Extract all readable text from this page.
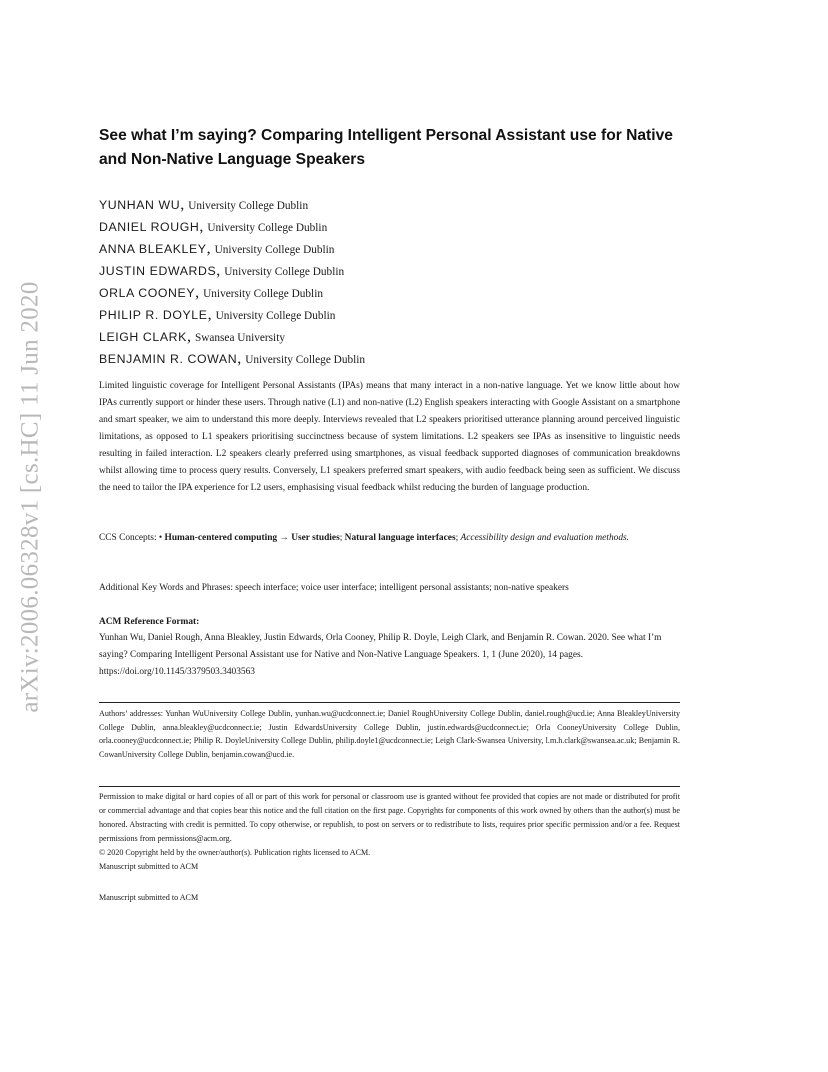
arXiv:2006.06328v1 [cs.HC] 11 Jun 2020
See what I’m saying? Comparing Intelligent Personal Assistant use for Native and Non-Native Language Speakers
YUNHAN WU, University College Dublin
DANIEL ROUGH, University College Dublin
ANNA BLEAKLEY, University College Dublin
JUSTIN EDWARDS, University College Dublin
ORLA COONEY, University College Dublin
PHILIP R. DOYLE, University College Dublin
LEIGH CLARK, Swansea University
BENJAMIN R. COWAN, University College Dublin

Limited linguistic coverage for Intelligent Personal Assistants (IPAs) means that many interact in a non-native language. Yet we know little about how IPAs currently support or hinder these users. Through native (L1) and non-native (L2) English speakers interacting with Google Assistant on a smartphone and smart speaker, we aim to understand this more deeply. Interviews revealed that L2 speakers prioritised utterance planning around perceived linguistic limitations, as opposed to L1 speakers prioritising succinctness because of system limitations. L2 speakers see IPAs as insensitive to linguistic needs resulting in failed interaction. L2 speakers clearly preferred using smartphones, as visual feedback supported diagnoses of communication breakdowns whilst allowing time to process query results. Conversely, L1 speakers preferred smart speakers, with audio feedback being seen as sufficient. We discuss the need to tailor the IPA experience for L2 users, emphasising visual feedback whilst reducing the burden of language production.

CCS Concepts: • Human-centered computing → User studies; Natural language interfaces; Accessibility design and evaluation methods.

Additional Key Words and Phrases: speech interface; voice user interface; intelligent personal assistants; non-native speakers

ACM Reference Format:

Yunhan Wu, Daniel Rough, Anna Bleakley, Justin Edwards, Orla Cooney, Philip R. Doyle, Leigh Clark, and Benjamin R. Cowan. 2020. See what I’m saying? Comparing Intelligent Personal Assistant use for Native and Non-Native Language Speakers. 1, 1 (June 2020), 14 pages. https://doi.org/10.1145/3379503.3403563

Authors’ addresses: Yunhan WuUniversity College Dublin, yunhan.wu@ucdconnect.ie; Daniel RoughUniversity College Dublin, daniel.rough@ucd.ie; Anna BleakleyUniversity College Dublin, anna.bleakley@ucdconnect.ie; Justin EdwardsUniversity College Dublin, justin.edwards@ucdconnect.ie; Orla CooneyUniversity College Dublin, orla.cooney@ucdconnect.ie; Philip R. DoyleUniversity College Dublin, philip.doyle1@ucdconnect.ie; Leigh Clark-Swansea University, l.m.h.clark@swansea.ac.uk; Benjamin R. CowanUniversity College Dublin, benjamin.cowan@ucd.ie.

Permission to make digital or hard copies of all or part of this work for personal or classroom use is granted without fee provided that copies are not made or distributed for profit or commercial advantage and that copies bear this notice and the full citation on the first page. Copyrights for components of this work owned by others than the author(s) must be honored. Abstracting with credit is permitted. To copy otherwise, or republish, to post on servers or to redistribute to lists, requires prior specific permission and/or a fee. Request permissions from permissions@acm.org.

© 2020 Copyright held by the owner/author(s). Publication rights licensed to ACM.

Manuscript submitted to ACM

Manuscript submitted to ACM
